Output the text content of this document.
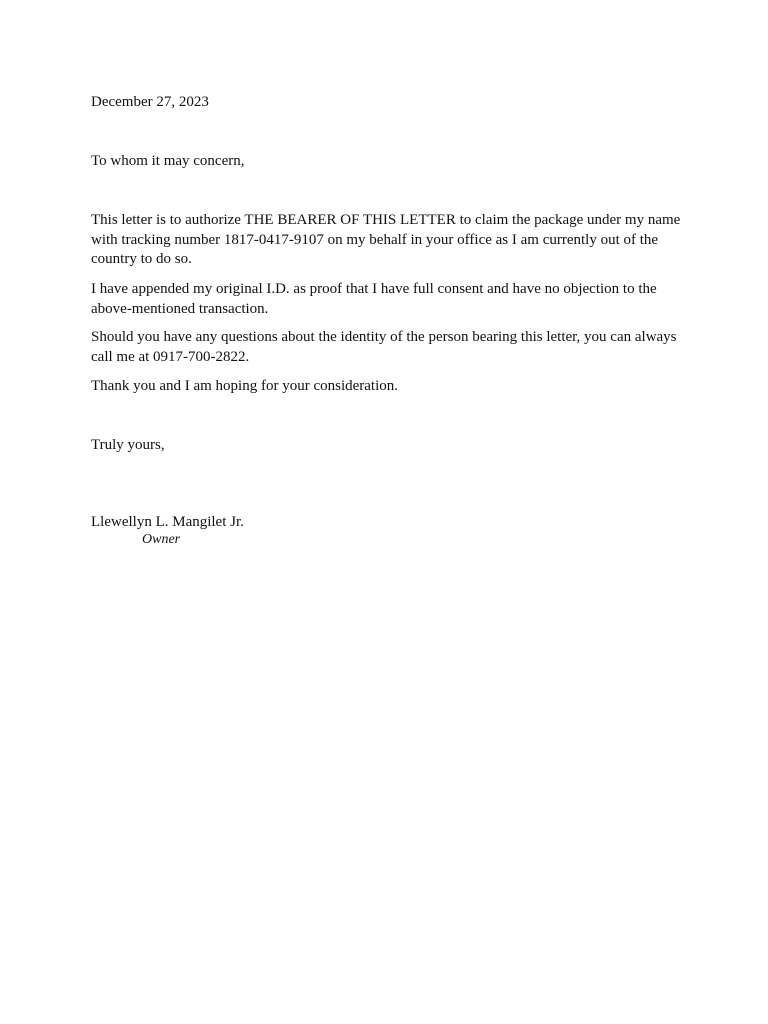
December 27, 2023

To whom it may concern,

This letter is to authorize THE BEARER OF THIS LETTER to claim the package under my name with tracking number 1817-0417-9107 on my behalf in your office as I am currently out of the country to do so.

I have appended my original I.D. as proof that I have full consent and have no objection to the above-mentioned transaction.

Should you have any questions about the identity of the person bearing this letter, you can always call me at 0917-700-2822.

Thank you and I am hoping for your consideration.

Truly yours,

Llewellyn L. Mangilet Jr.

Owner
